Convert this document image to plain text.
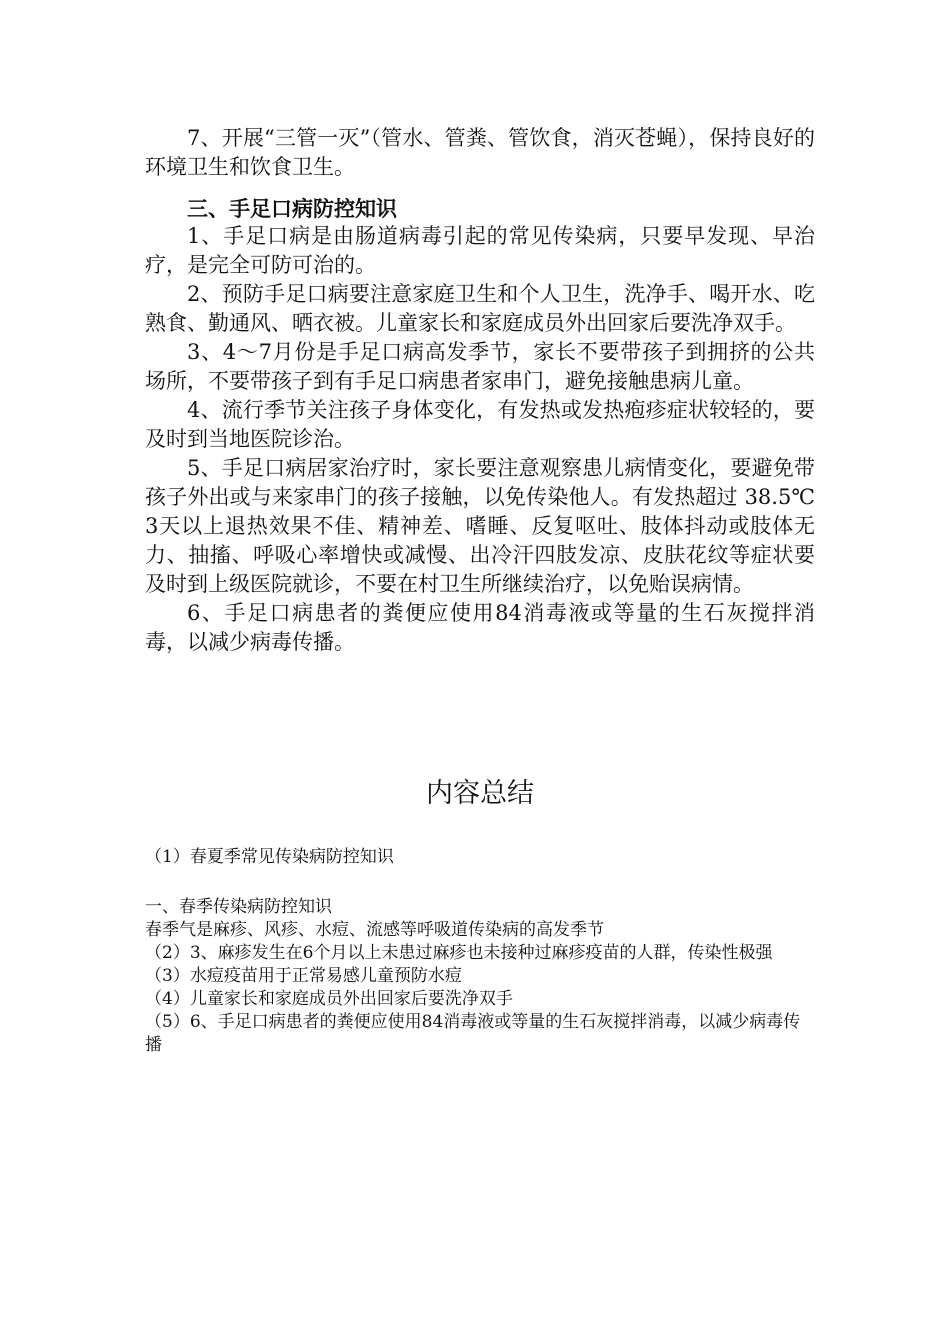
7、开展“三管一灭”（管水、管粪、管饮食，消灭苍蝇），保持良好的环境卫生和饮食卫生。

三、手足口病防控知识

1、手足口病是由肠道病毒引起的常见传染病，只要早发现、早治疗，是完全可防可治的。

2、预防手足口病要注意家庭卫生和个人卫生，洗净手、喝开水、吃熟食、勤通风、晒衣被。儿童家长和家庭成员外出回家后要洗净双手。

3、4～7月份是手足口病高发季节，家长不要带孩子到拥挤的公共场所，不要带孩子到有手足口病患者家串门，避免接触患病儿童。

4、流行季节关注孩子身体变化，有发热或发热疱疹症状较轻的，要及时到当地医院诊治。

5、手足口病居家治疗时，家长要注意观察患儿病情变化，要避免带孩子外出或与来家串门的孩子接触，以免传染他人。有发热超过 38.5℃ 3天以上退热效果不佳、精神差、嗜睡、反复呕吐、肢体抖动或肢体无力、抽搐、呼吸心率增快或减慢、出冷汗四肢发凉、皮肤花纹等症状要及时到上级医院就诊，不要在村卫生所继续治疗，以免贻误病情。

6、手足口病患者的粪便应使用84消毒液或等量的生石灰搅拌消毒，以减少病毒传播。

内容总结

（1）春夏季常见传染病防控知识

一、春季传染病防控知识

春季气是麻疹、风疹、水痘、流感等呼吸道传染病的高发季节

（2）3、麻疹发生在6个月以上未患过麻疹也未接种过麻疹疫苗的人群，传染性极强

（3）水痘疫苗用于正常易感儿童预防水痘

（4）儿童家长和家庭成员外出回家后要洗净双手

（5）6、手足口病患者的粪便应使用84消毒液或等量的生石灰搅拌消毒，以减少病毒传播
